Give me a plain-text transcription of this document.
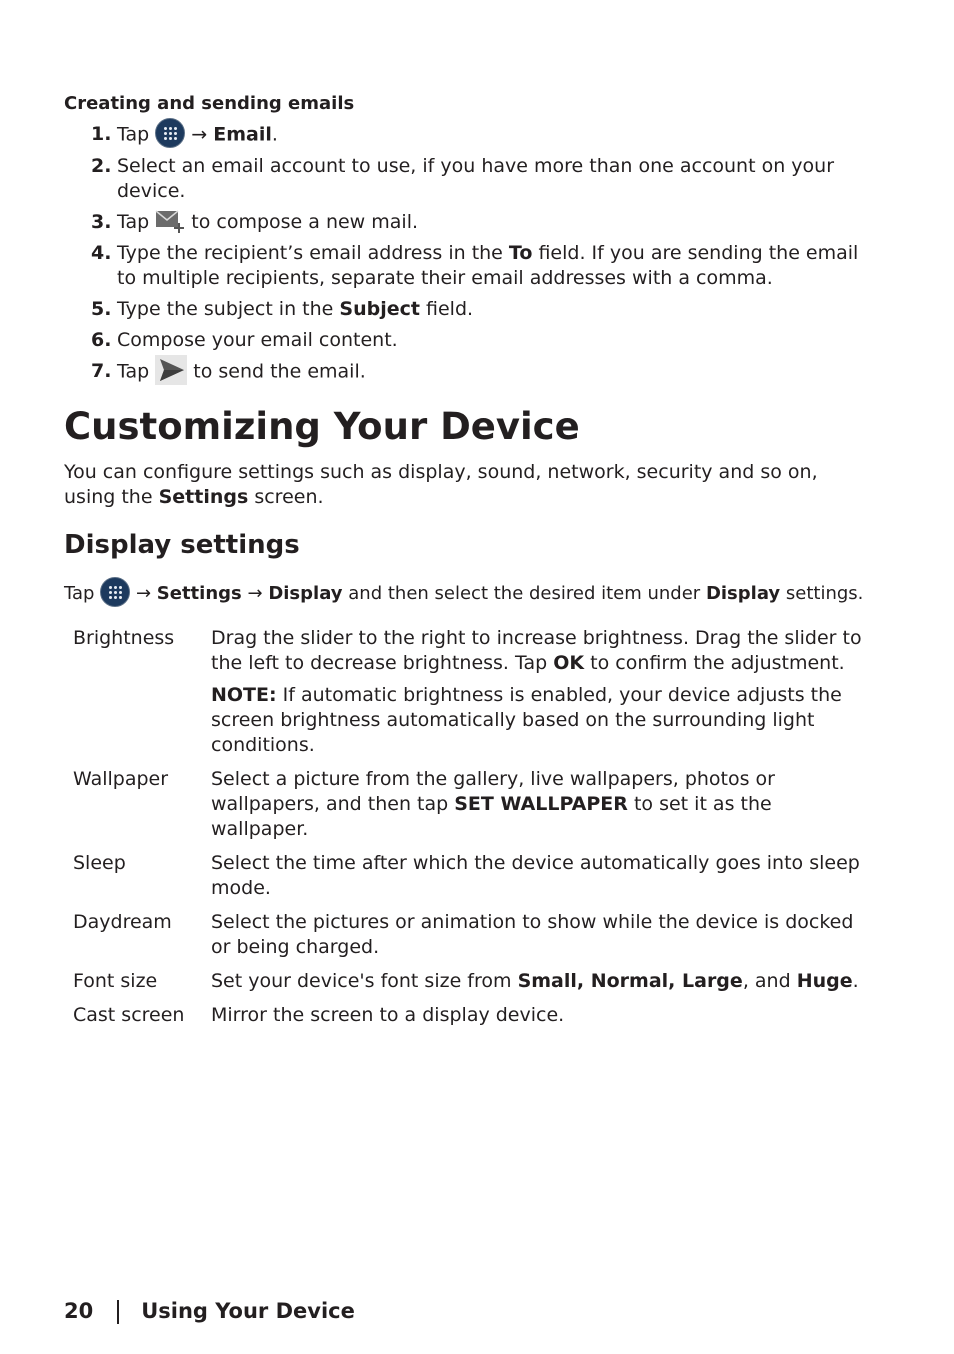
Creating and sending emails
1. Tap → Email.
2. Select an email account to use, if you have more than one account on your device.
3. Tap to compose a new mail.
4. Type the recipient’s email address in the To field. If you are sending the email to multiple recipients, separate their email addresses with a comma.
5. Type the subject in the Subject field.
6. Compose your email content.
7. Tap to send the email.
Customizing Your Device
You can configure settings such as display, sound, network, security and so on, using the Settings screen.
Display settings
Tap → Settings → Display and then select the desired item under Display settings.
Brightness	Drag the slider to the right to increase brightness. Drag the slider to the left to decrease brightness. Tap OK to confirm the adjustment.
NOTE: If automatic brightness is enabled, your device adjusts the screen brightness automatically based on the surrounding light conditions.

Wallpaper	Select a picture from the gallery, live wallpapers, photos or wallpapers, and then tap SET WALLPAPER to set it as the wallpaper.
Sleep	Select the time after which the device automatically goes into sleep mode.
Daydream	Select the pictures or animation to show while the device is docked or being charged.
Font size	Set your device's font size from Small, Normal, Large, and Huge.
Cast screen	Mirror the screen to a display device.
20 Using Your Device
